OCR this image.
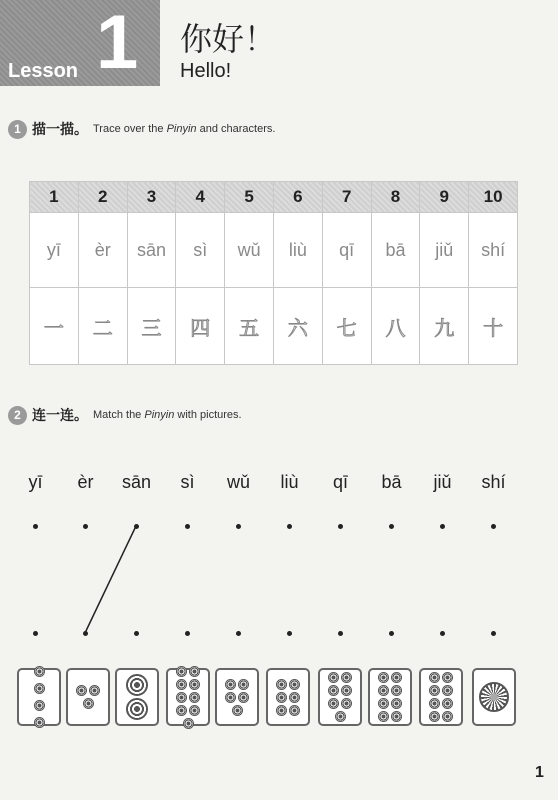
Lesson 1 你好！
Hello!
1 描一描。 Trace over the Pinyin and characters.
1	2	3	4	5	6	7	8	9	10
yī	èr	sān	sì	wǔ	liù	qī	bā	jiǔ	shí
一	二	三	四	五	六	七	八	九	十
2 连一连。 Match the Pinyin with pictures.
yī	èr	sān	sì	wǔ	liù	qī	bā	jiǔ	shí
1
